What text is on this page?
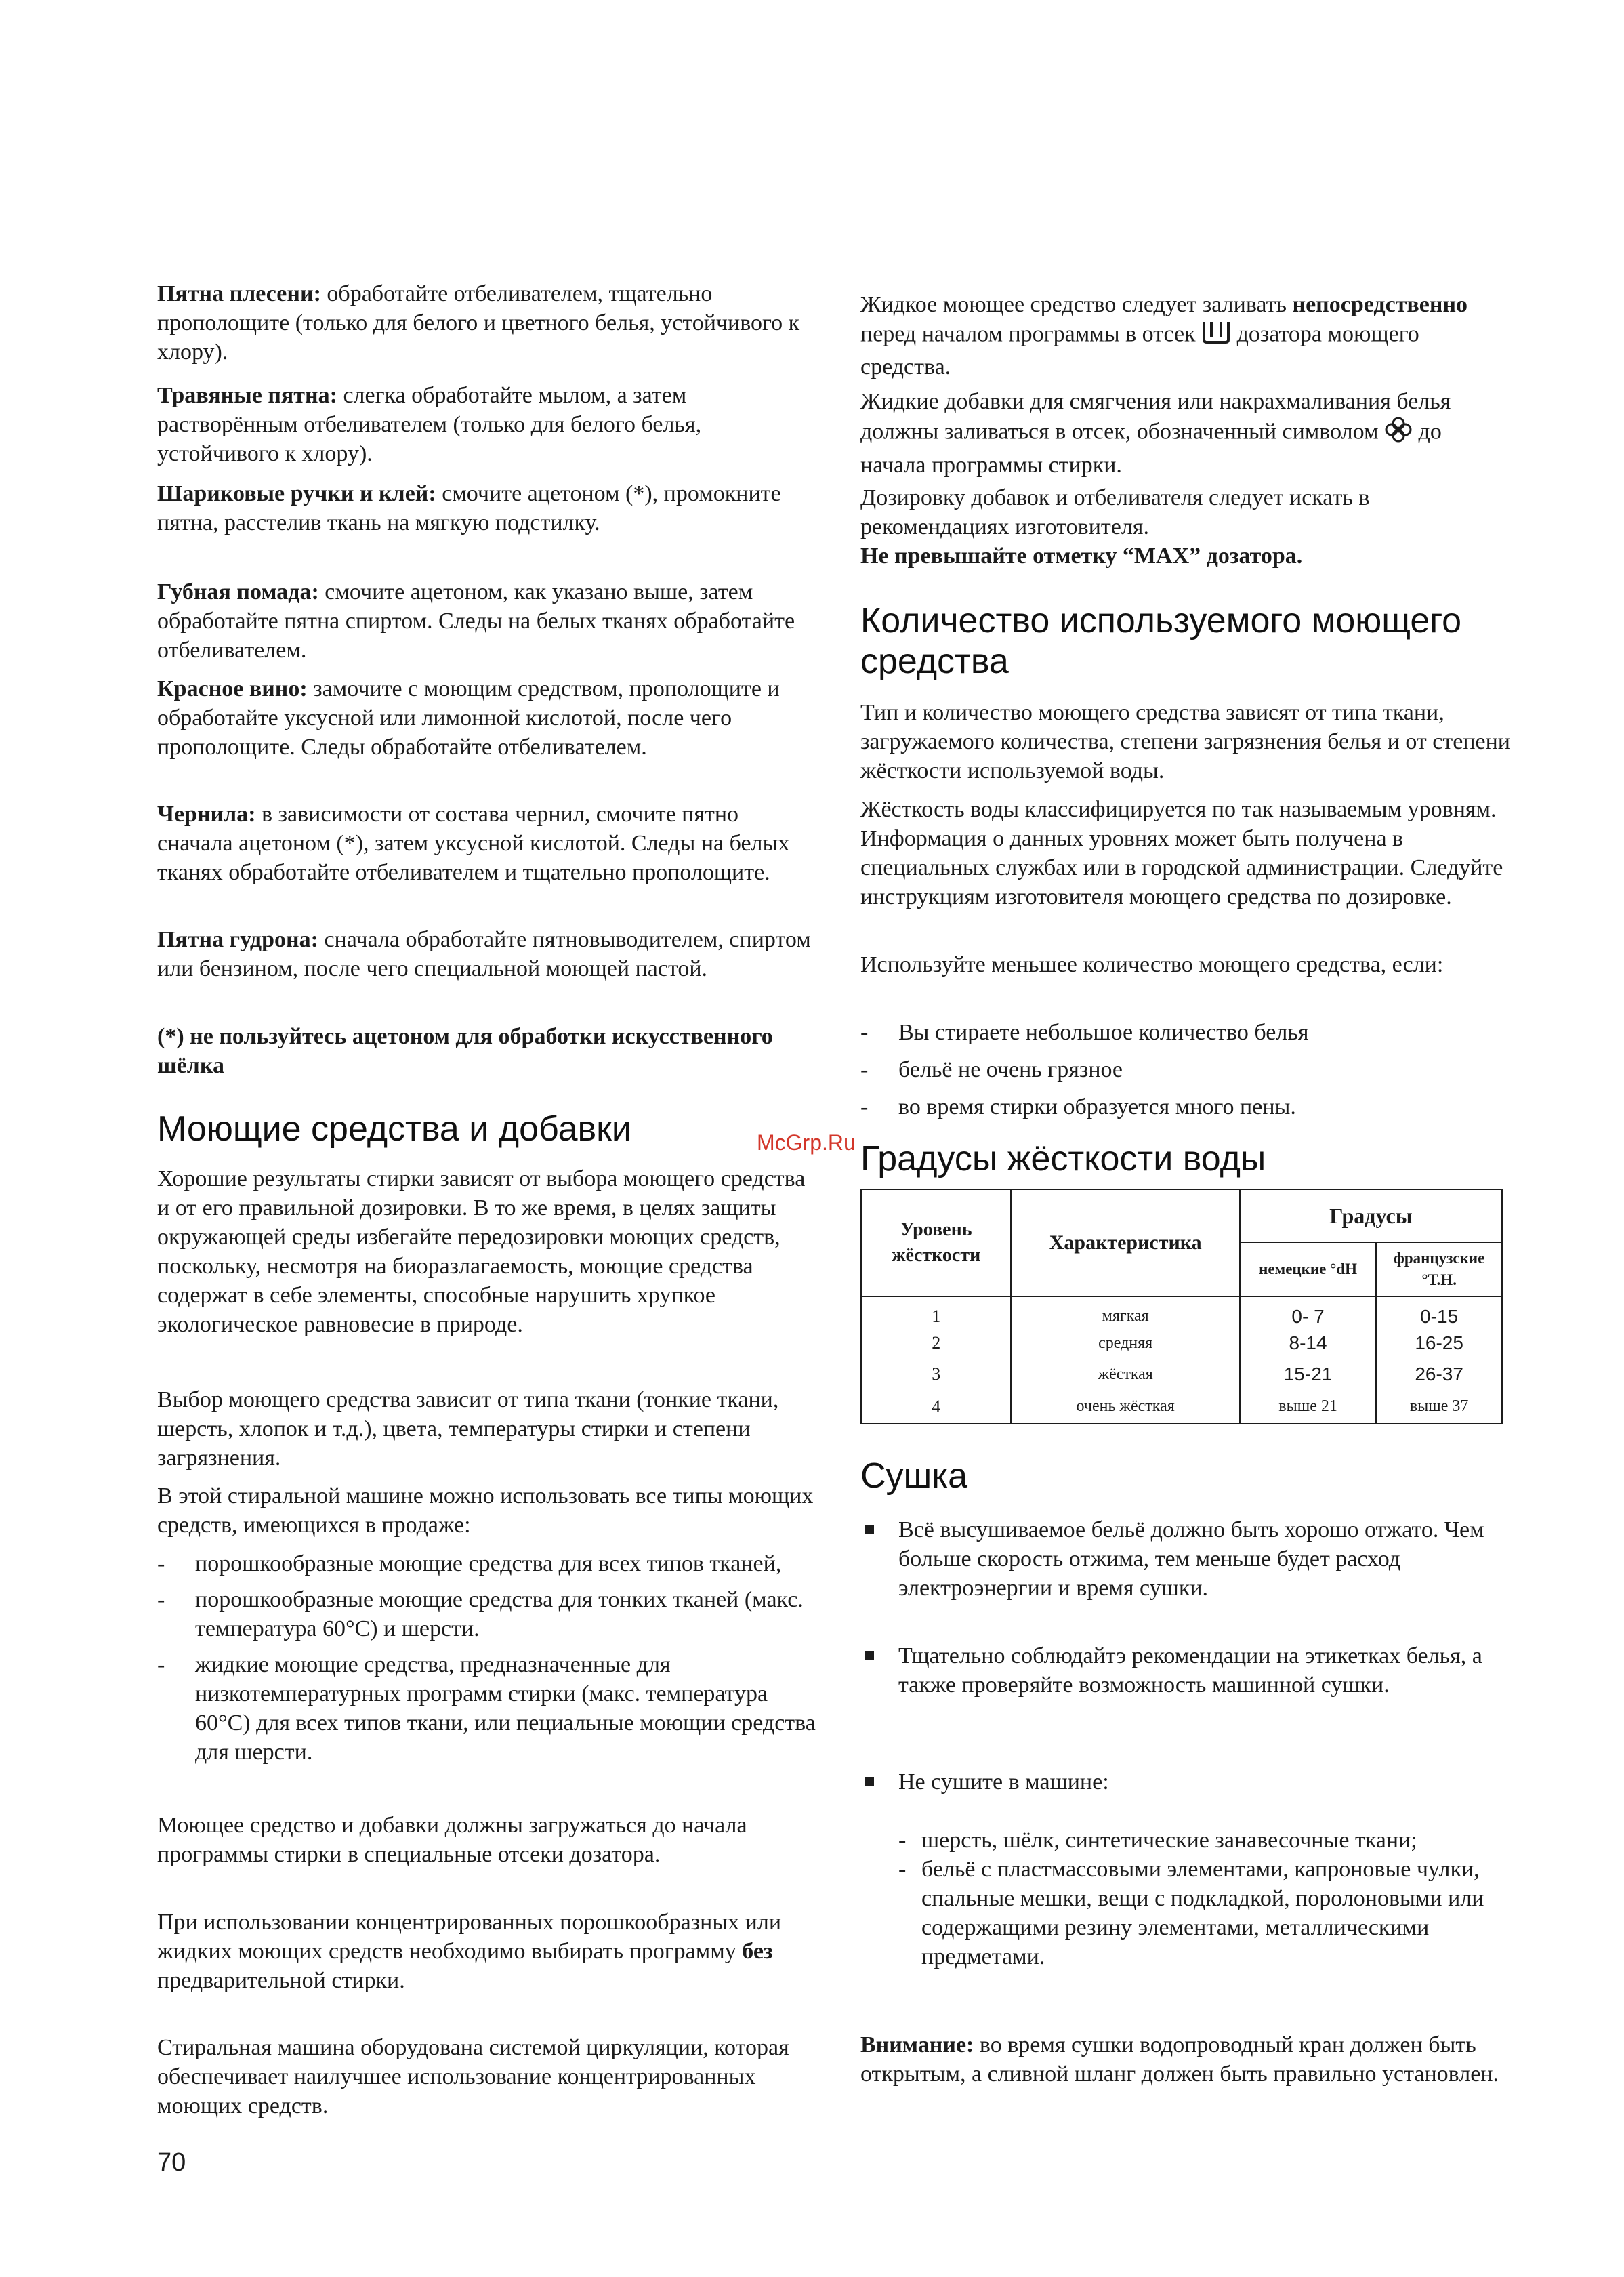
Пятна плесени: обработайте отбеливателем, тщательно прополощите (только для белого и цветного белья, устойчивого к хлору).

Травяные пятна: слегка обработайте мылом, а затем растворённым отбеливателем (только для белого белья, устойчивого к хлору).

Шариковые ручки и клей: смочите ацетоном (*), промокните пятна, расстелив ткань на мягкую подстилку.

Губная помада: смочите ацетоном, как указано выше, затем обработайте пятна спиртом. Следы на белых тканях обработайте отбеливателем.

Красное вино: замочите с моющим средством, прополощите и обработайте уксусной или лимонной кислотой, после чего прополощите. Следы обработайте отбеливателем.

Чернила: в зависимости от состава чернил, смочите пятно сначала ацетоном (*), затем уксусной кислотой. Следы на белых тканях обработайте отбеливателем и тщательно прополощите.

Пятна гудрона: сначала обработайте пятновыводителем, спиртом или бензином, после чего специальной моющей пастой.

(*) не пользуйтесь ацетоном для обработки искусственного шёлка

Моющие средства и добавки

Хорошие результаты стирки зависят от выбора моющего средства и от его правильной дозировки. В то же время, в целях защиты окружающей среды избегайте передозировки моющих средств, поскольку, несмотря на биоразлагаемость, моющие средства содержат в себе элементы, способные нарушить хрупкое экологическое равновесие в природе.

Выбор моющего средства зависит от типа ткани (тонкие ткани, шерсть, хлопок и т.д.), цвета, температуры стирки и степени загрязнения.

В этой стиральной машине можно использовать все типы моющих средств, имеющихся в продаже:

- порошкообразные моющие средства для всех типов тканей,
- порошкообразные моющие средства для тонких тканей (макс. температура 60°C) и шерсти.
- жидкие моющие средства, предназначенные для низкотемпературных программ стирки (макс. температура 60°C) для всех типов ткани, или пециальные моющии средства для шерсти.

Моющее средство и добавки должны загружаться до начала программы стирки в специальные отсеки дозатора.

При использовании концентрированных порошкообразных или жидких моющих средств необходимо выбирать программу без предварительной стирки.

Стиральная машина оборудована системой циркуляции, которая обеспечивает наилучшее использование концентрированных моющих средств.

Жидкое моющее средство следует заливать непосредственно перед началом программы в отсек  дозатора моющего средства.

Жидкие добавки для смягчения или накрахмаливания белья должны заливаться в отсек, обозначенный символом  до начала программы стирки.

Дозировку добавок и отбеливателя следует искать в рекомендациях изготовителя.

Не превышайте отметку “MAX” дозатора.

Количество используемого моющего средства

Тип и количество моющего средства зависят от типа ткани, загружаемого количества, степени загрязнения белья и от степени жёсткости используемой воды.

Жёсткость воды классифицируется по так называемым уровням. Информация о данных уровнях может быть получена в специальных службах или в городской администрации. Следуйте инструкциям изготовителя моющего средства по дозировке.

Используйте меньшее количество моющего средства, если:

- Вы стираете небольшое количество белья
- бельё не очень грязное
- во время стирки образуется много пены.
Градусы жёсткости воды
Уровень жёсткости	Характеристика	Градусы	
		немецкие °dH	французские °Т.Н.
1	мягкая	0- 7	0-15
2	средняя	8-14	16-25
3	жёсткая	15-21	26-37
4	очень жёсткая	выше 21	выше 37
Сушка
Всё высушиваемое бельё должно быть хорошо отжато. Чем больше скорость отжима, тем меньше будет расход электроэнергии и время сушки.
Тщательно соблюдайтэ рекомендации на этикетках белья, а также проверяйте возможность машинной сушки.
Не сушите в машине:
- шерсть, шёлк, синтетические занавесочные ткани;
- бельё с пластмассовыми элементами, капроновые чулки, спальные мешки, вещи с подкладкой, поролоновыми или содержащими резину элементами, металлическими предметами.

Внимание: во время сушки водопроводный кран должен быть открытым, а сливной шланг должен быть правильно установлен.

McGrp.Ru
70
